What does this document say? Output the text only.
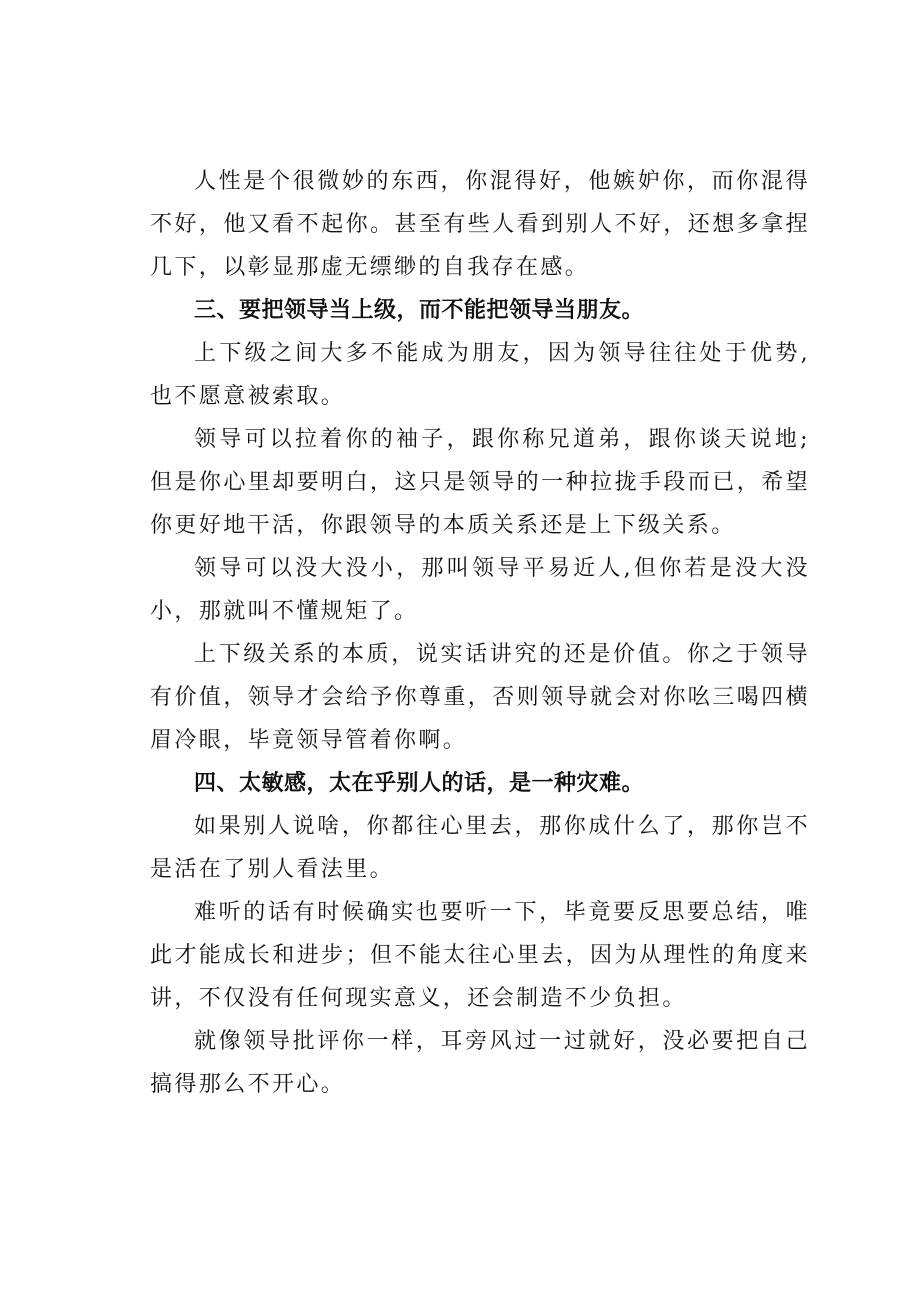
人性是个很微妙的东西，你混得好，他嫉妒你，而你混得不好，他又看不起你。甚至有些人看到别人不好，还想多拿捏几下，以彰显那虚无缥缈的自我存在感。

三、要把领导当上级，而不能把领导当朋友。

上下级之间大多不能成为朋友，因为领导往往处于优势,也不愿意被索取。

领导可以拉着你的袖子，跟你称兄道弟，跟你谈天说地;但是你心里却要明白，这只是领导的一种拉拢手段而已，希望你更好地干活，你跟领导的本质关系还是上下级关系。

领导可以没大没小，那叫领导平易近人,但你若是没大没小，那就叫不懂规矩了。

上下级关系的本质，说实话讲究的还是价值。你之于领导有价值，领导才会给予你尊重，否则领导就会对你吆三喝四横眉冷眼，毕竟领导管着你啊。

四、太敏感，太在乎别人的话，是一种灾难。

如果别人说啥，你都往心里去，那你成什么了，那你岂不是活在了别人看法里。

难听的话有时候确实也要听一下，毕竟要反思要总结，唯此才能成长和进步；但不能太往心里去，因为从理性的角度来讲，不仅没有任何现实意义，还会制造不少负担。

就像领导批评你一样，耳旁风过一过就好，没必要把自己搞得那么不开心。
